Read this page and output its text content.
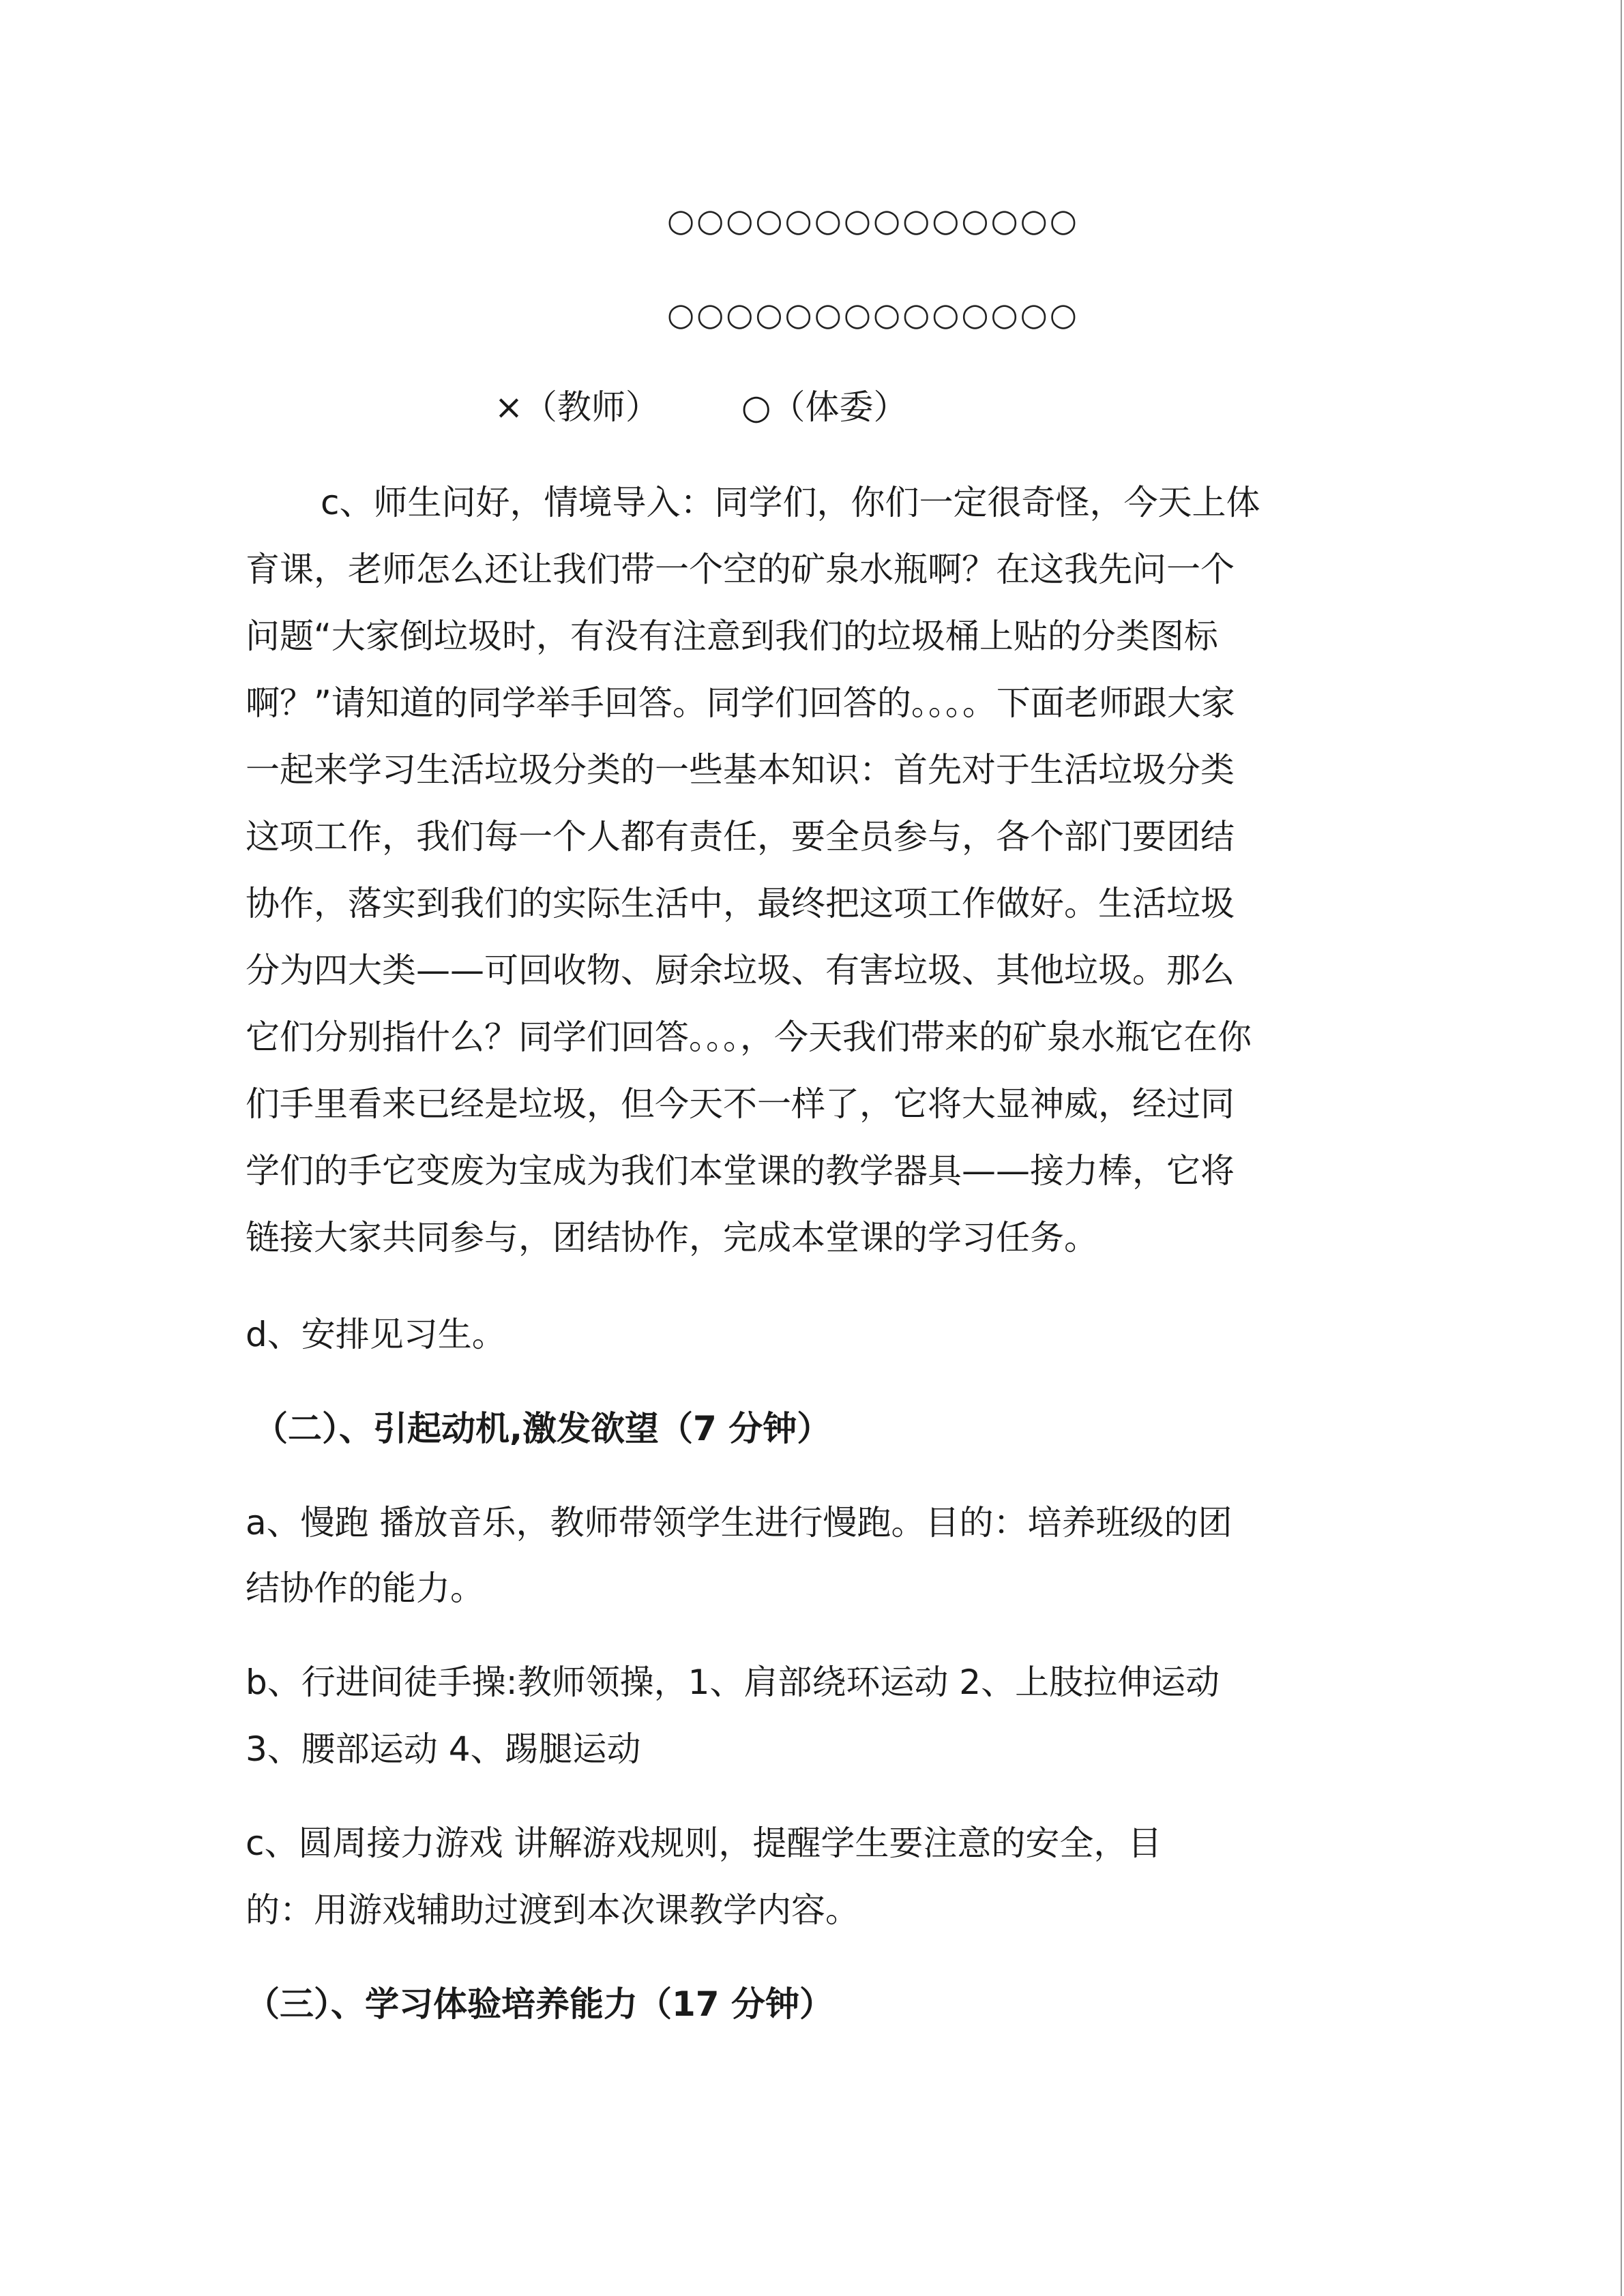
○○○○○○○○○○○○○○
○○○○○○○○○○○○○○
×（教师） ○（体委）
c、师生问好，情境导入：同学们，你们一定很奇怪，今天上体
育课，老师怎么还让我们带一个空的矿泉水瓶啊？在这我先问一个
问题“大家倒垃圾时，有没有注意到我们的垃圾桶上贴的分类图标
啊？”请知道的同学举手回答。同学们回答的。。。。下面老师跟大家
一起来学习生活垃圾分类的一些基本知识：首先对于生活垃圾分类
这项工作，我们每一个人都有责任，要全员参与，各个部门要团结
协作，落实到我们的实际生活中，最终把这项工作做好。生活垃圾
分为四大类——可回收物、厨余垃圾、有害垃圾、其他垃圾。那么
它们分别指什么？同学们回答。。。，今天我们带来的矿泉水瓶它在你
们手里看来已经是垃圾，但今天不一样了，它将大显神威，经过同
学们的手它变废为宝成为我们本堂课的教学器具——接力棒，它将
链接大家共同参与，团结协作，完成本堂课的学习任务。
d、安排见习生。
（二）、引起动机,激发欲望（7 分钟）
a、慢跑 播放音乐，教师带领学生进行慢跑。目的：培养班级的团
结协作的能力。
b、行进间徒手操:教师领操，1、肩部绕环运动 2、上肢拉伸运动
3、腰部运动 4、踢腿运动
c、圆周接力游戏 讲解游戏规则，提醒学生要注意的安全，目
的：用游戏辅助过渡到本次课教学内容。
（三）、学习体验培养能力（17 分钟）
